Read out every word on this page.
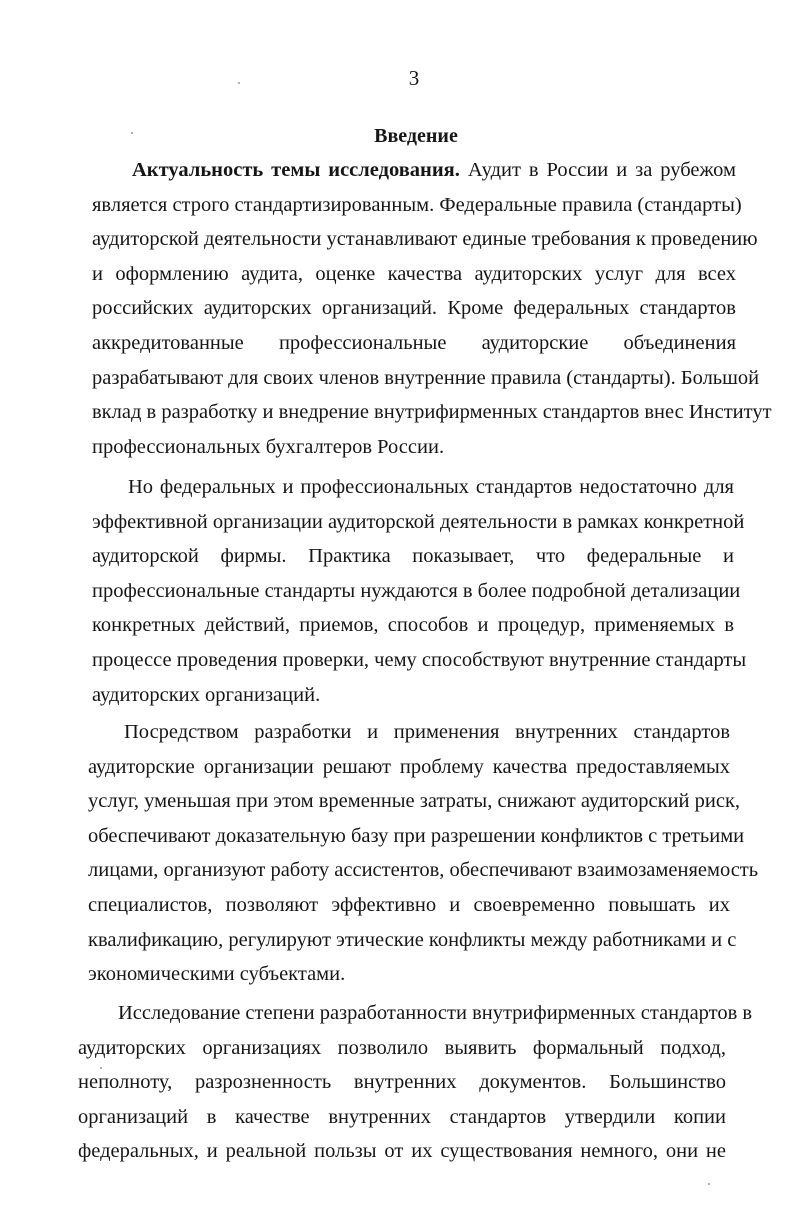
3
Введение
Актуальность темы исследования. Аудит в России и за рубежом
является строго стандартизированным. Федеральные правила (стандарты)
аудиторской деятельности устанавливают единые требования к проведению
и оформлению аудита, оценке качества аудиторских услуг для всех
российских аудиторских организаций. Кроме федеральных стандартов
аккредитованные профессиональные аудиторские объединения
разрабатывают для своих членов внутренние правила (стандарты). Большой
вклад в разработку и внедрение внутрифирменных стандартов внес Институт
профессиональных бухгалтеров России.
Но федеральных и профессиональных стандартов недостаточно для
эффективной организации аудиторской деятельности в рамках конкретной
аудиторской фирмы. Практика показывает, что федеральные и
профессиональные стандарты нуждаются в более подробной детализации
конкретных действий, приемов, способов и процедур, применяемых в
процессе проведения проверки, чему способствуют внутренние стандарты
аудиторских организаций.
Посредством разработки и применения внутренних стандартов
аудиторские организации решают проблему качества предоставляемых
услуг, уменьшая при этом временные затраты, снижают аудиторский риск,
обеспечивают доказательную базу при разрешении конфликтов с третьими
лицами, организуют работу ассистентов, обеспечивают взаимозаменяемость
специалистов, позволяют эффективно и своевременно повышать их
квалификацию, регулируют этические конфликты между работниками и с
экономическими субъектами.
Исследование степени разработанности внутрифирменных стандартов в
аудиторских организациях позволило выявить формальный подход,
неполноту, разрозненность внутренних документов. Большинство
организаций в качестве внутренних стандартов утвердили копии
федеральных, и реальной пользы от их существования немного, они не
